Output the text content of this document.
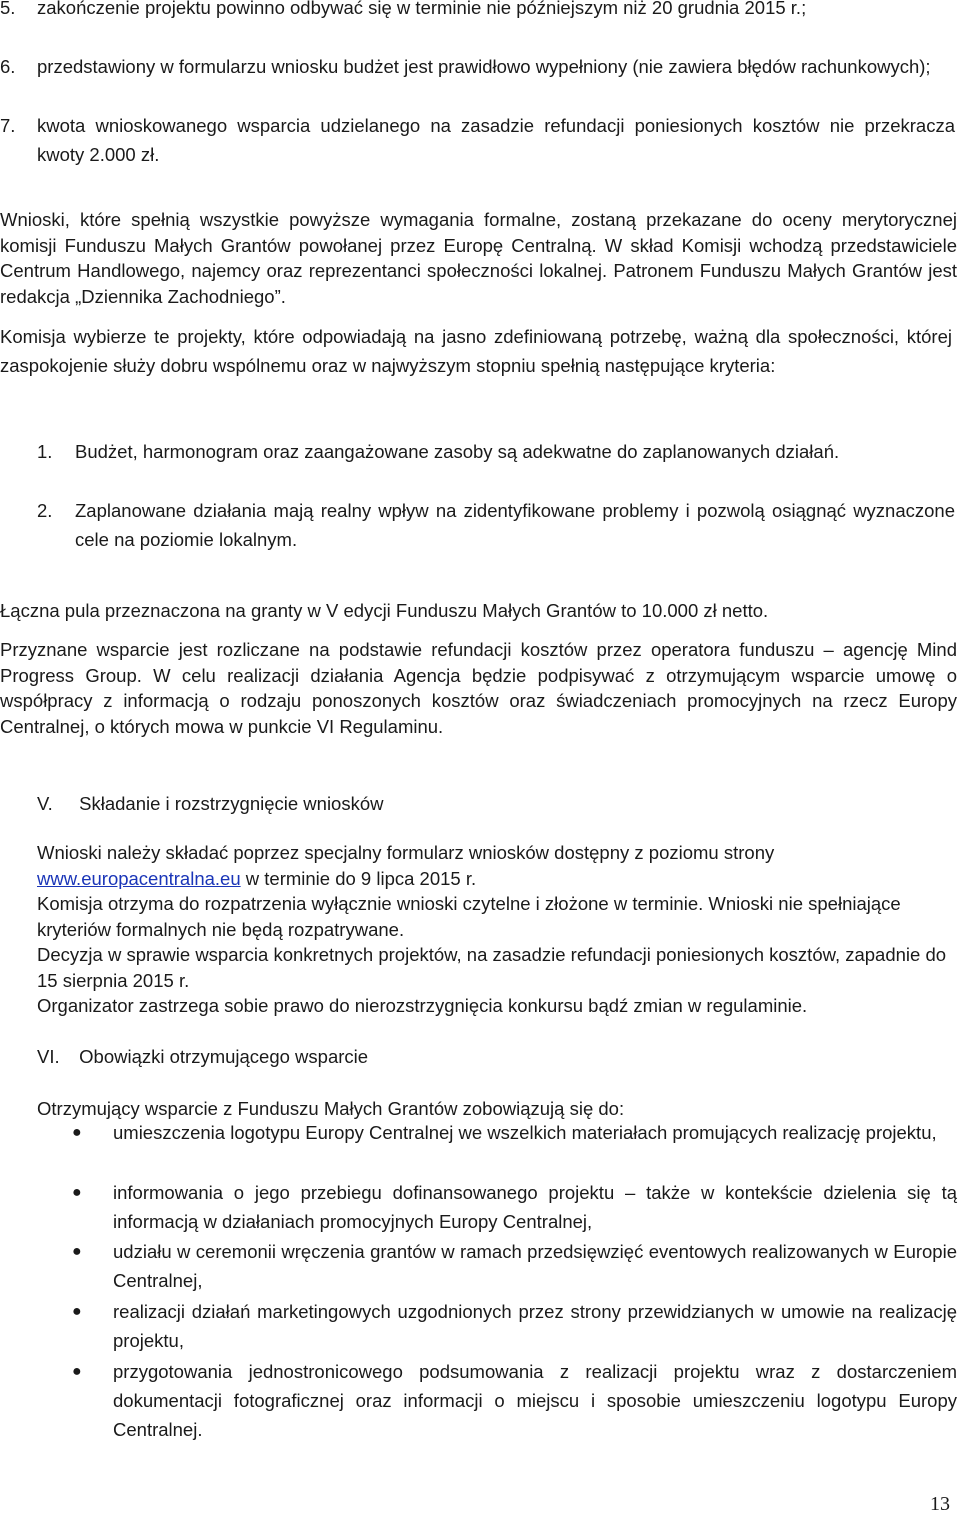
5.	zakończenie projektu powinno odbywać się w terminie nie późniejszym niż 20 grudnia 2015 r.;
6.	przedstawiony w formularzu wniosku budżet jest prawidłowo wypełniony (nie zawiera błędów rachunkowych);
7.	kwota wnioskowanego wsparcia udzielanego na zasadzie refundacji poniesionych kosztów nie przekracza kwoty 2.000 zł.
Wnioski, które spełnią wszystkie powyższe wymagania formalne, zostaną przekazane do oceny merytorycznej komisji Funduszu Małych Grantów powołanej przez Europę Centralną. W skład Komisji wchodzą przedstawiciele Centrum Handlowego, najemcy oraz reprezentanci społeczności lokalnej. Patronem Funduszu Małych Grantów jest redakcja „Dziennika Zachodniego”.
Komisja wybierze te projekty, które odpowiadają na jasno zdefiniowaną potrzebę, ważną dla społeczności, której zaspokojenie służy dobru wspólnemu oraz w najwyższym stopniu spełnią następujące kryteria:
1. Budżet, harmonogram oraz zaangażowane zasoby są adekwatne do zaplanowanych działań.
2. Zaplanowane działania mają realny wpływ na zidentyfikowane problemy i pozwolą osiągnąć wyznaczone cele na poziomie lokalnym.
Łączna pula przeznaczona na granty w V edycji Funduszu Małych Grantów to 10.000 zł netto.
Przyznane wsparcie jest rozliczane na podstawie refundacji kosztów przez operatora funduszu – agencję Mind Progress Group. W celu realizacji działania Agencja będzie podpisywać z otrzymującym wsparcie umowę o współpracy z informacją o rodzaju ponoszonych kosztów oraz świadczeniach promocyjnych na rzecz Europy Centralnej, o których mowa w punkcie VI Regulaminu.
V. Składanie i rozstrzygnięcie wniosków
Wnioski należy składać poprzez specjalny formularz wniosków dostępny z poziomu strony www.europacentralna.eu w terminie do 9 lipca 2015 r.
Komisja otrzyma do rozpatrzenia wyłącznie wnioski czytelne i złożone w terminie. Wnioski nie spełniające kryteriów formalnych nie będą rozpatrywane.
Decyzja w sprawie wsparcia konkretnych projektów, na zasadzie refundacji poniesionych kosztów, zapadnie do 15 sierpnia 2015 r.
Organizator zastrzega sobie prawo do nierozstrzygnięcia konkursu bądź zmian w regulaminie.
VI. Obowiązki otrzymującego wsparcie
Otrzymujący wsparcie z Funduszu Małych Grantów zobowiązują się do:
● umieszczenia logotypu Europy Centralnej we wszelkich materiałach promujących realizację projektu,
● informowania o jego przebiegu dofinansowanego projektu – także w kontekście dzielenia się tą informacją w działaniach promocyjnych Europy Centralnej,
● udziału w ceremonii wręczenia grantów w ramach przedsięwzięć eventowych realizowanych w Europie Centralnej,
● realizacji działań marketingowych uzgodnionych przez strony przewidzianych w umowie na realizację projektu,
● przygotowania jednostronicowego podsumowania z realizacji projektu wraz z dostarczeniem dokumentacji fotograficznej oraz informacji o miejscu i sposobie umieszczeniu logotypu Europy Centralnej.
13
